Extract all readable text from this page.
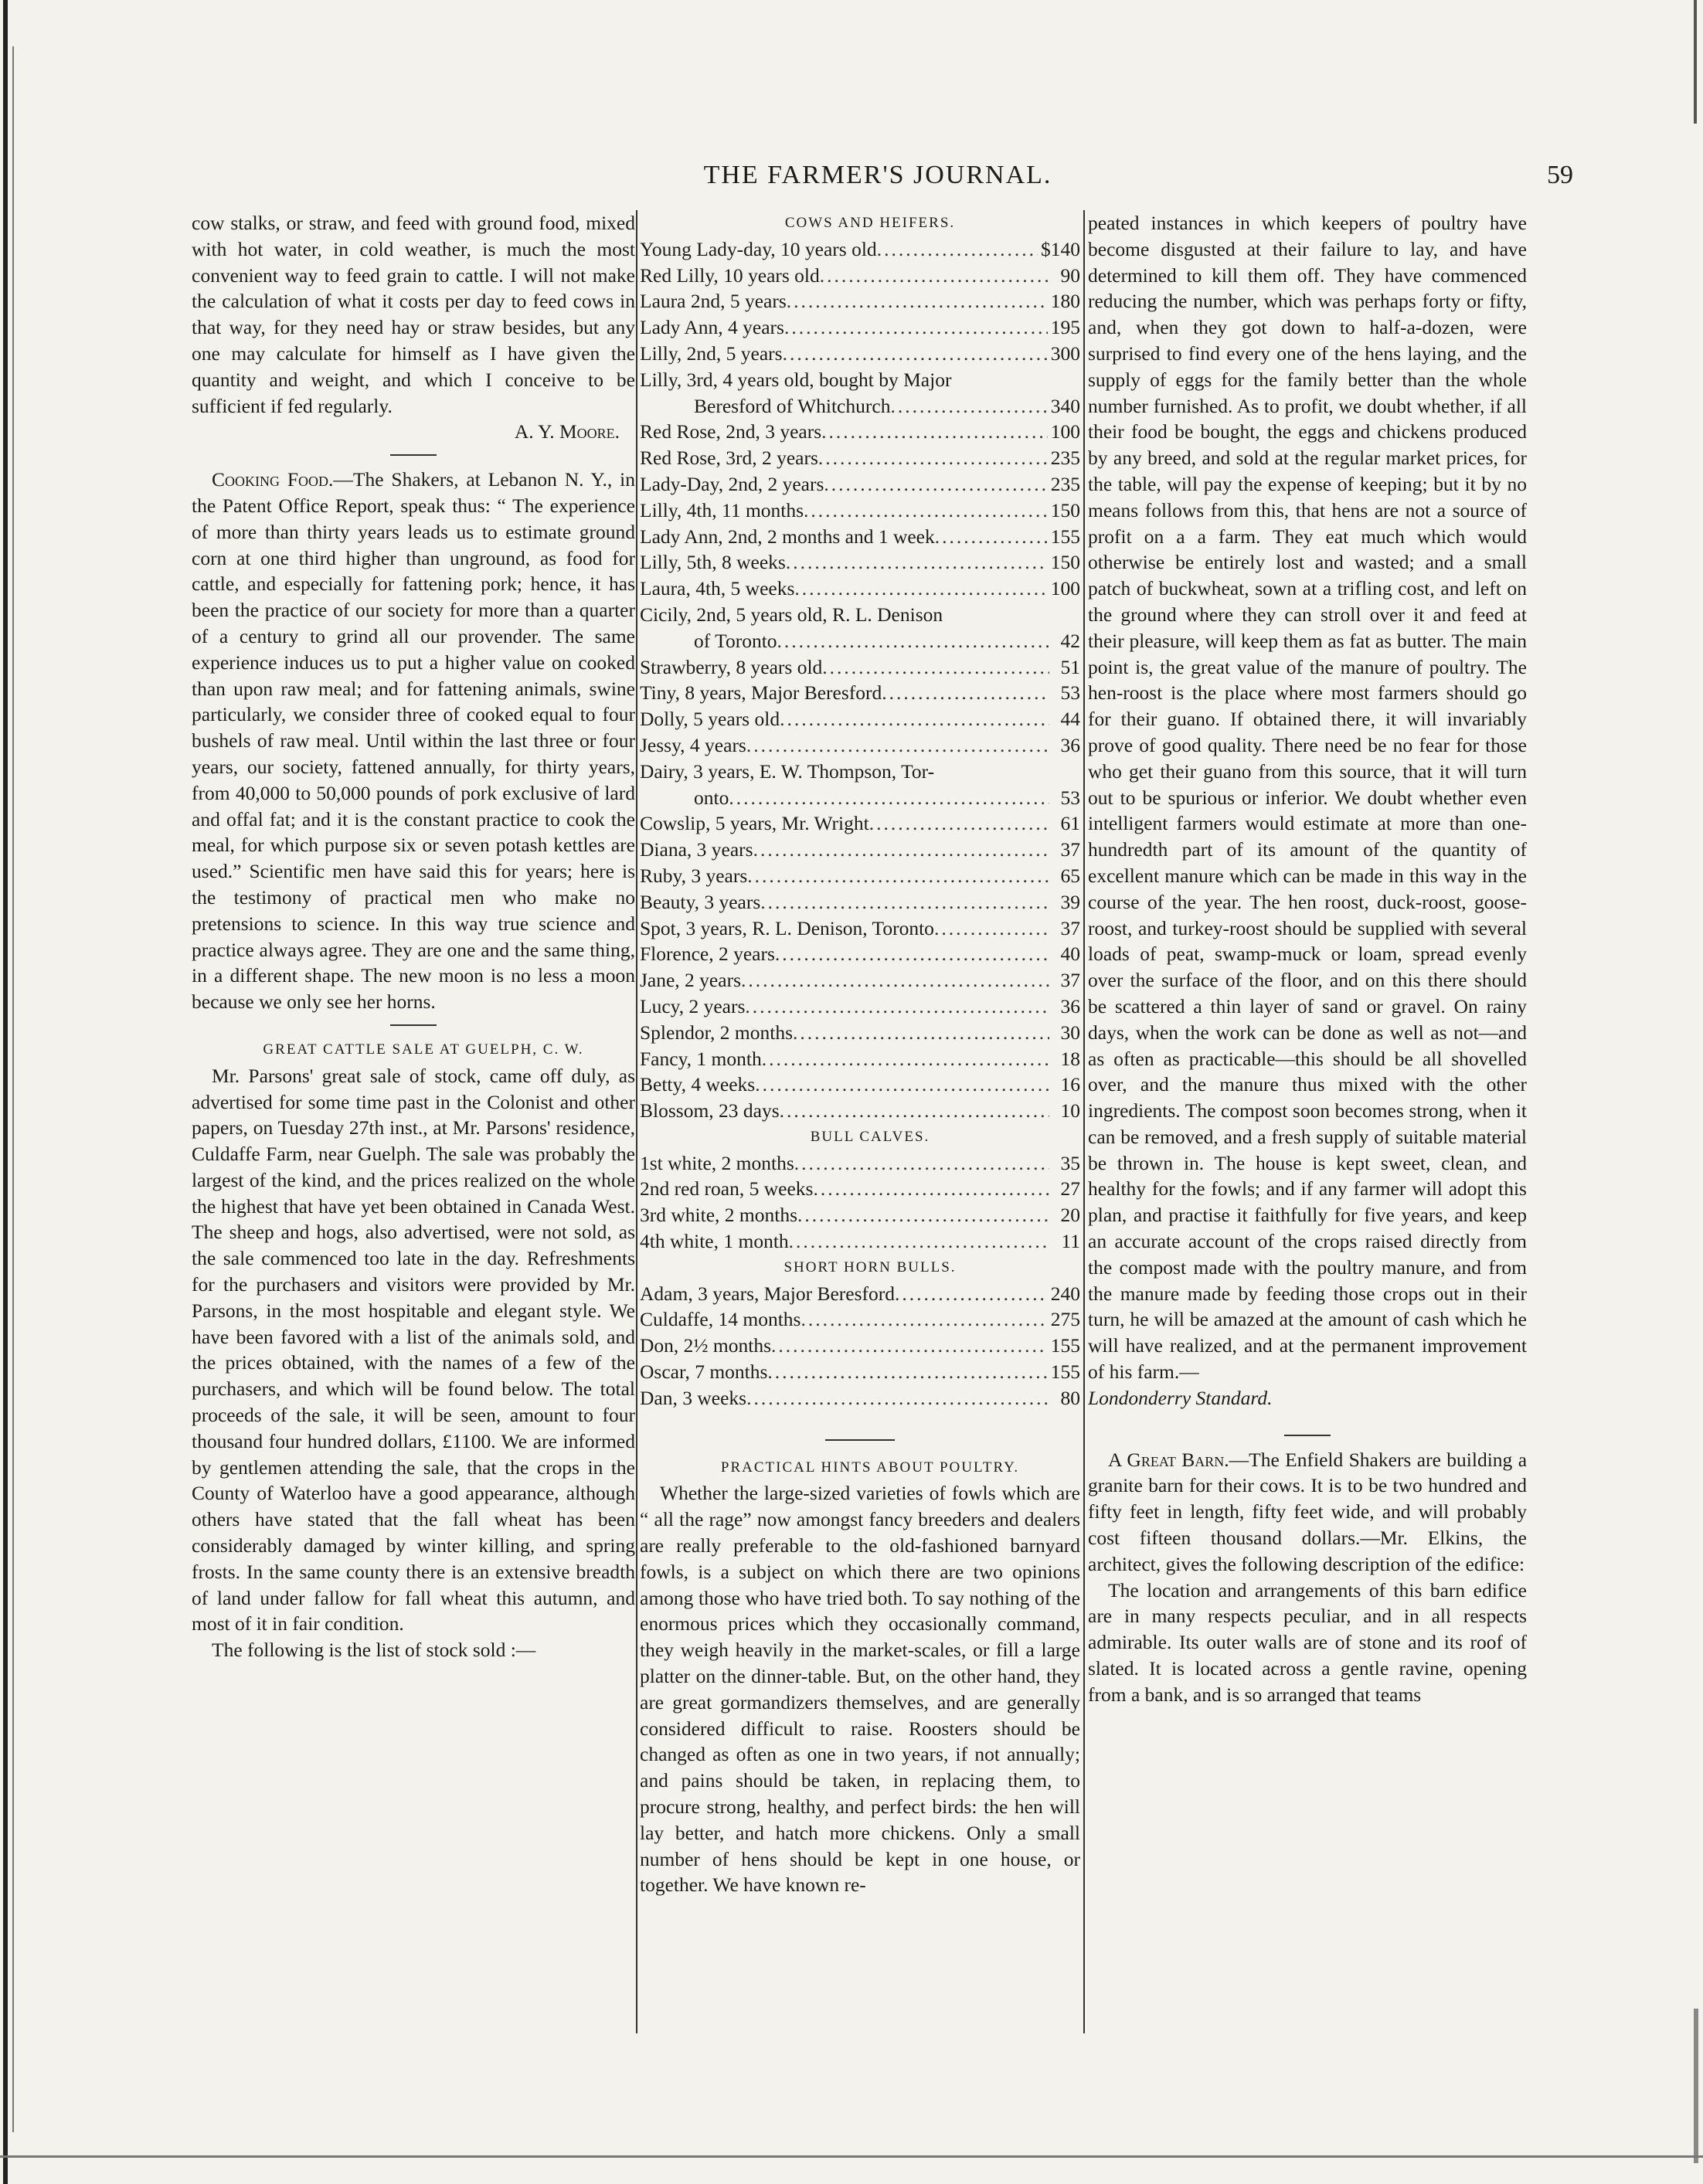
THE FARMER'S JOURNAL.	59

cow stalks, or straw, and feed with ground food, mixed with hot water, in cold weather, is much the most convenient way to feed grain to cattle. I will not make the calculation of what it costs per day to feed cows in that way, for they need hay or straw besides, but any one may calculate for himself as I have given the quantity and weight, and which I conceive to be sufficient if fed regularly.

A. Y. Moore.

Cooking Food.—The Shakers, at Lebanon N. Y., in the Patent Office Report, speak thus: “ The experience of more than thirty years leads us to estimate ground corn at one third higher than unground, as food for cattle, and especially for fattening pork; hence, it has been the practice of our society for more than a quarter of a century to grind all our provender. The same experience induces us to put a higher value on cooked than upon raw meal; and for fattening animals, swine particularly, we consider three of cooked equal to four bushels of raw meal. Until within the last three or four years, our society, fattened annually, for thirty years, from 40,000 to 50,000 pounds of pork exclusive of lard and offal fat; and it is the constant practice to cook the meal, for which purpose six or seven potash kettles are used.” Scientific men have said this for years; here is the testimony of practical men who make no pretensions to science. In this way true science and practice always agree. They are one and the same thing, in a different shape. The new moon is no less a moon because we only see her horns.

GREAT CATTLE SALE AT GUELPH, C. W.

Mr. Parsons' great sale of stock, came off duly, as advertised for some time past in the Colonist and other papers, on Tuesday 27th inst., at Mr. Parsons' residence, Culdaffe Farm, near Guelph. The sale was probably the largest of the kind, and the prices realized on the whole the highest that have yet been obtained in Canada West. The sheep and hogs, also advertised, were not sold, as the sale commenced too late in the day. Refreshments for the purchasers and visitors were provided by Mr. Parsons, in the most hospitable and elegant style. We have been favored with a list of the animals sold, and the prices obtained, with the names of a few of the purchasers, and which will be found below. The total proceeds of the sale, it will be seen, amount to four thousand four hundred dollars, £1100. We are informed by gentlemen attending the sale, that the crops in the County of Waterloo have a good appearance, although others have stated that the fall wheat has been considerably damaged by winter killing, and spring frosts. In the same county there is an extensive breadth of land under fallow for fall wheat this autumn, and most of it in fair condition.

The following is the list of stock sold :—

COWS AND HEIFERS.

Young Lady-day, 10 years old .....	$140
Red Lilly, 10 years old .....	90
Laura 2nd, 5 years .....	180
Lady Ann, 4 years .....	195
Lilly, 2nd, 5 years .....	300
Lilly, 3rd, 4 years old, bought by Major
Beresford of Whitchurch .....	340
Red Rose, 2nd, 3 years .....	100
Red Rose, 3rd, 2 years .....	235
Lady-Day, 2nd, 2 years .....	235
Lilly, 4th, 11 months .....	150
Lady Ann, 2nd, 2 months and 1 week .....	155
Lilly, 5th, 8 weeks .....	150
Laura, 4th, 5 weeks .....	100
Cicily, 2nd, 5 years old, R. L. Denison
of Toronto .....	42
Strawberry, 8 years old .....	51
Tiny, 8 years, Major Beresford .....	53
Dolly, 5 years old .....	44
Jessy, 4 years .....	36
Dairy, 3 years, E. W. Thompson, Tor-
onto .....	53
Cowslip, 5 years, Mr. Wright .....	61
Diana, 3 years .....	37
Ruby, 3 years .....	65
Beauty, 3 years .....	39
Spot, 3 years, R. L. Denison, Toronto .....	37
Florence, 2 years .....	40
Jane, 2 years .....	37
Lucy, 2 years .....	36
Splendor, 2 months .....	30
Fancy, 1 month .....	18
Betty, 4 weeks .....	16
Blossom, 23 days .....	10

BULL CALVES.

1st white, 2 months .....	35
2nd red roan, 5 weeks .....	27
3rd white, 2 months .....	20
4th white, 1 month .....	11

SHORT HORN BULLS.

Adam, 3 years, Major Beresford .....	240
Culdaffe, 14 months .....	275
Don, 2½ months .....	155
Oscar, 7 months .....	155
Dan, 3 weeks .....	80

PRACTICAL HINTS ABOUT POULTRY.

Whether the large-sized varieties of fowls which are “ all the rage” now amongst fancy breeders and dealers are really preferable to the old-fashioned barnyard fowls, is a subject on which there are two opinions among those who have tried both. To say nothing of the enormous prices which they occasionally command, they weigh heavily in the market-scales, or fill a large platter on the dinner-table. But, on the other hand, they are great gormandizers themselves, and are generally considered difficult to raise. Roosters should be changed as often as one in two years, if not annually; and pains should be taken, in replacing them, to procure strong, healthy, and perfect birds: the hen will lay better, and hatch more chickens. Only a small number of hens should be kept in one house, or together. We have known re-

peated instances in which keepers of poultry have become disgusted at their failure to lay, and have determined to kill them off. They have commenced reducing the number, which was perhaps forty or fifty, and, when they got down to half-a-dozen, were surprised to find every one of the hens laying, and the supply of eggs for the family better than the whole number furnished. As to profit, we doubt whether, if all their food be bought, the eggs and chickens produced by any breed, and sold at the regular market prices, for the table, will pay the expense of keeping; but it by no means follows from this, that hens are not a source of profit on a a farm. They eat much which would otherwise be entirely lost and wasted; and a small patch of buckwheat, sown at a trifling cost, and left on the ground where they can stroll over it and feed at their pleasure, will keep them as fat as butter. The main point is, the great value of the manure of poultry. The hen-roost is the place where most farmers should go for their guano. If obtained there, it will invariably prove of good quality. There need be no fear for those who get their guano from this source, that it will turn out to be spurious or inferior. We doubt whether even intelligent farmers would estimate at more than one-hundredth part of its amount of the quantity of excellent manure which can be made in this way in the course of the year. The hen roost, duck-roost, goose-roost, and turkey-roost should be supplied with several loads of peat, swamp-muck or loam, spread evenly over the surface of the floor, and on this there should be scattered a thin layer of sand or gravel. On rainy days, when the work can be done as well as not—and as often as practicable—this should be all shovelled over, and the manure thus mixed with the other ingredients. The compost soon becomes strong, when it can be removed, and a fresh supply of suitable material be thrown in. The house is kept sweet, clean, and healthy for the fowls; and if any farmer will adopt this plan, and practise it faithfully for five years, and keep an accurate account of the crops raised directly from the compost made with the poultry manure, and from the manure made by feeding those crops out in their turn, he will be amazed at the amount of cash which he will have realized, and at the permanent improvement of his farm.—

Londonderry Standard.

A Great Barn.—The Enfield Shakers are building a granite barn for their cows. It is to be two hundred and fifty feet in length, fifty feet wide, and will probably cost fifteen thousand dollars.—Mr. Elkins, the architect, gives the following description of the edifice:

The location and arrangements of this barn edifice are in many respects peculiar, and in all respects admirable. Its outer walls are of stone and its roof of slated. It is located across a gentle ravine, opening from a bank, and is so arranged that teams
